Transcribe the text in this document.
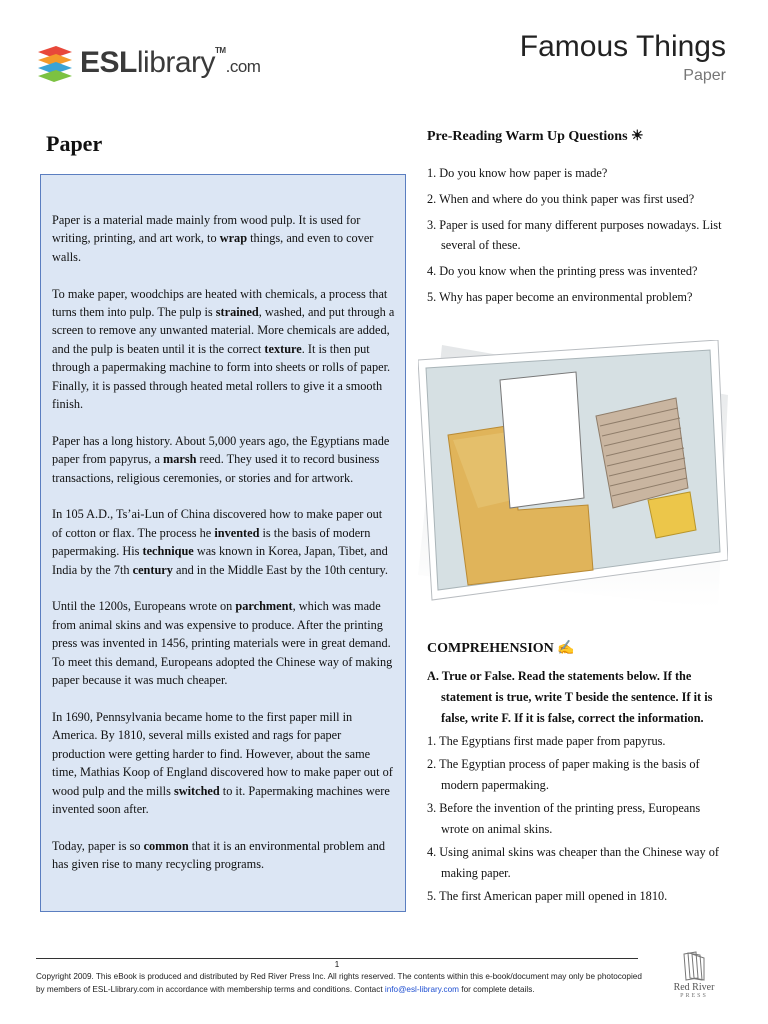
ESLlibrary™.com
Famous Things
Paper
Paper

Paper is a material made mainly from wood pulp. It is used for writing, printing, and art work, to wrap things, and even to cover walls.

To make paper, woodchips are heated with chemicals, a process that turns them into pulp. The pulp is strained, washed, and put through a screen to remove any unwanted material. More chemicals are added, and the pulp is beaten until it is the correct texture. It is then put through a papermaking machine to form into sheets or rolls of paper. Finally, it is passed through heated metal rollers to give it a smooth finish.

Paper has a long history. About 5,000 years ago, the Egyptians made paper from papyrus, a marsh reed. They used it to record business transactions, religious ceremonies, or stories and for artwork.

In 105 A.D., Ts’ai-Lun of China discovered how to make paper out of cotton or flax. The process he invented is the basis of modern papermaking. His technique was known in Korea, Japan, Tibet, and India by the 7th century and in the Middle East by the 10th century.

Until the 1200s, Europeans wrote on parchment, which was made from animal skins and was expensive to produce. After the printing press was invented in 1456, printing materials were in great demand. To meet this demand, Europeans adopted the Chinese way of making paper because it was much cheaper.

In 1690, Pennsylvania became home to the first paper mill in America. By 1810, several mills existed and rags for paper production were getting harder to find. However, about the same time, Mathias Koop of England discovered how to make paper out of wood pulp and the mills switched to it. Papermaking machines were invented soon after.

Today, paper is so common that it is an environmental problem and has given rise to many recycling programs.

Pre-Reading Warm Up Questions ☀
1. Do you know how paper is made?
2. When and where do you think paper was first used?
3. Paper is used for many different purposes nowadays. List several of these.
4. Do you know when the printing press was invented?
5. Why has paper become an environmental problem?
COMPREHENSION ✍
A. True or False. Read the statements below. If the statement is true, write T beside the sentence. If it is false, write F. If it is false, correct the information.
1. The Egyptians first made paper from papyrus.
2. The Egyptian process of paper making is the basis of modern papermaking.
3. Before the invention of the printing press, Europeans wrote on animal skins.
4. Using animal skins was cheaper than the Chinese way of making paper.
5. The first American paper mill opened in 1810.
1
Copyright 2009. This eBook is produced and distributed by Red River Press Inc. All rights reserved. The contents within this e-book/document may only be photocopied by members of ESL-Llibrary.com in accordance with membership terms and conditions. Contact info@esl-library.com for complete details.	Red River
PRESS
